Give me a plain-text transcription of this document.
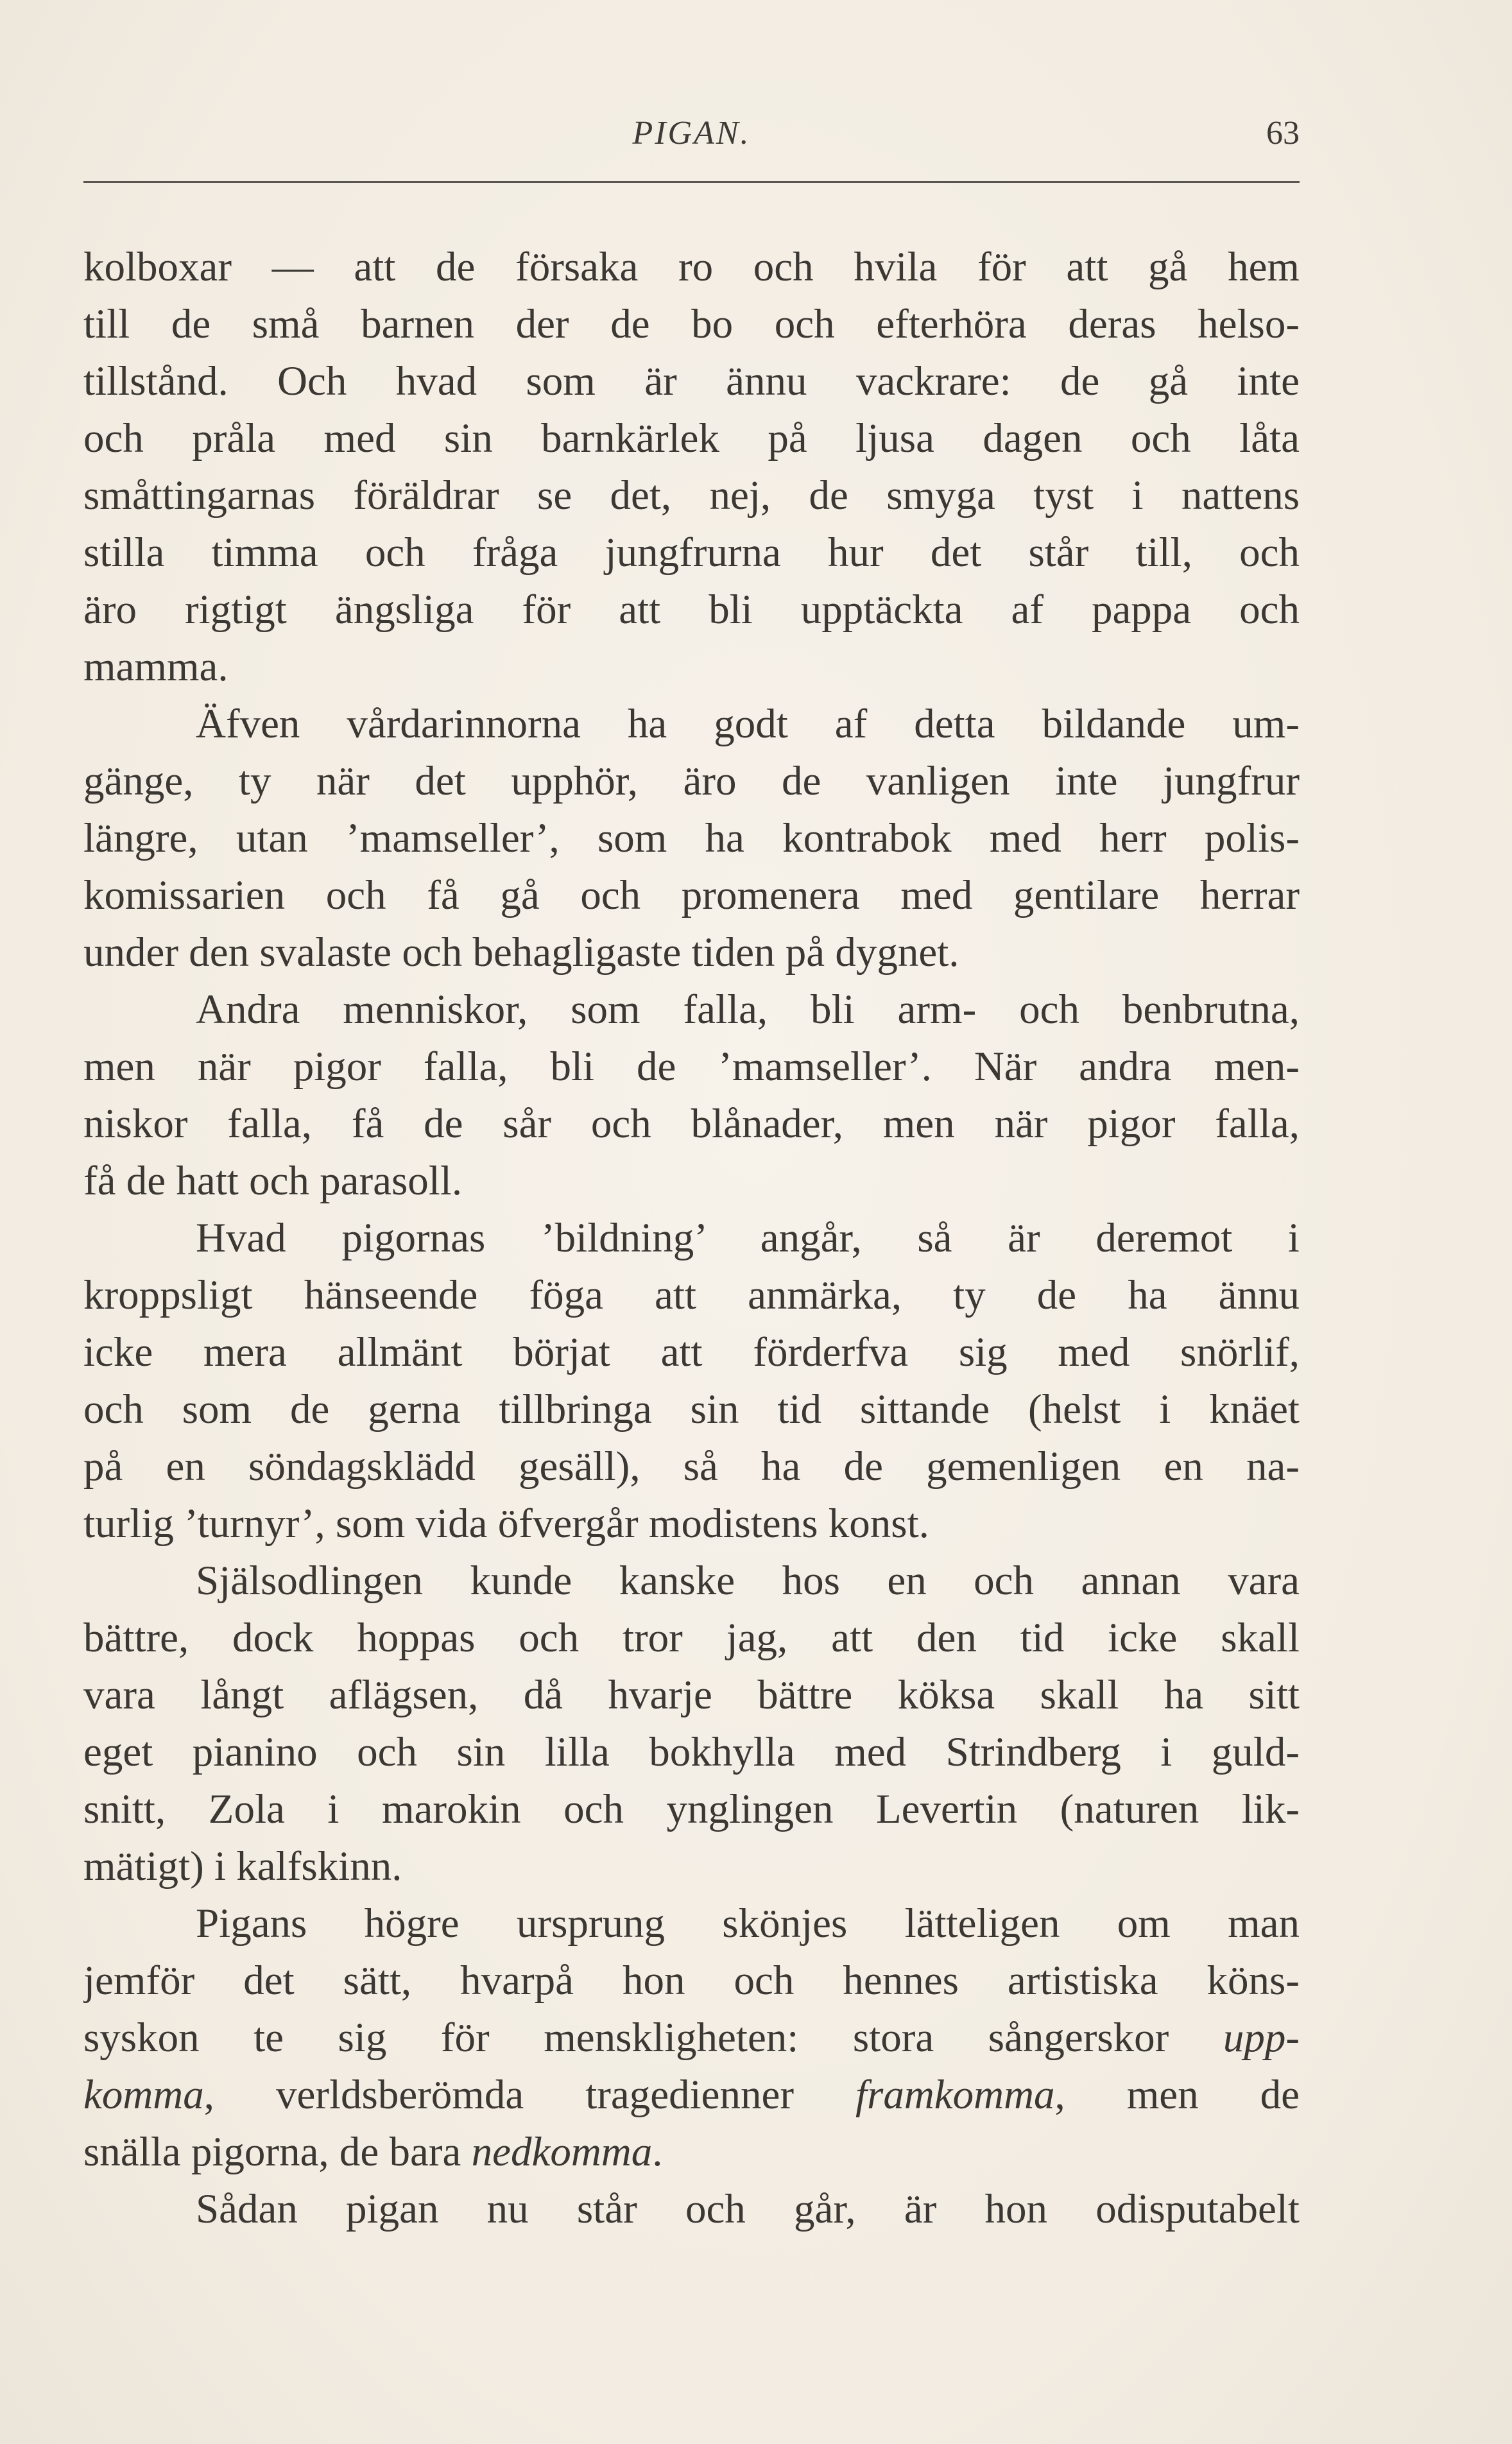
PIGAN.	63
kolboxar — att de försaka ro och hvila för att gå hem
till de små barnen der de bo och efterhöra deras helso-
tillstånd. Och hvad som är ännu vackrare: de gå inte
och pråla med sin barnkärlek på ljusa dagen och låta
småttingarnas föräldrar se det, nej, de smyga tyst i nattens
stilla timma och fråga jungfrurna hur det står till, och
äro rigtigt ängsliga för att bli upptäckta af pappa och
mamma.
Äfven vårdarinnorna ha godt af detta bildande um-
gänge, ty när det upphör, äro de vanligen inte jungfrur
längre, utan ’mamseller’, som ha kontrabok med herr polis-
komissarien och få gå och promenera med gentilare herrar
under den svalaste och behagligaste tiden på dygnet.
Andra menniskor, som falla, bli arm- och benbrutna,
men när pigor falla, bli de ’mamseller’. När andra men-
niskor falla, få de sår och blånader, men när pigor falla,
få de hatt och parasoll.
Hvad pigornas ’bildning’ angår, så är deremot i
kroppsligt hänseende föga att anmärka, ty de ha ännu
icke mera allmänt börjat att förderfva sig med snörlif,
och som de gerna tillbringa sin tid sittande (helst i knäet
på en söndagsklädd gesäll), så ha de gemenligen en na-
turlig ’turnyr’, som vida öfvergår modistens konst.
Själsodlingen kunde kanske hos en och annan vara
bättre, dock hoppas och tror jag, att den tid icke skall
vara långt aflägsen, då hvarje bättre köksa skall ha sitt
eget pianino och sin lilla bokhylla med Strindberg i guld-
snitt, Zola i marokin och ynglingen Levertin (naturen lik-
mätigt) i kalfskinn.
Pigans högre ursprung skönjes lätteligen om man
jemför det sätt, hvarpå hon och hennes artistiska köns-
syskon te sig för menskligheten: stora sångerskor upp-
komma, verldsberömda tragedienner framkomma, men de
snälla pigorna, de bara nedkomma.
Sådan pigan nu står och går, är hon odisputabelt
